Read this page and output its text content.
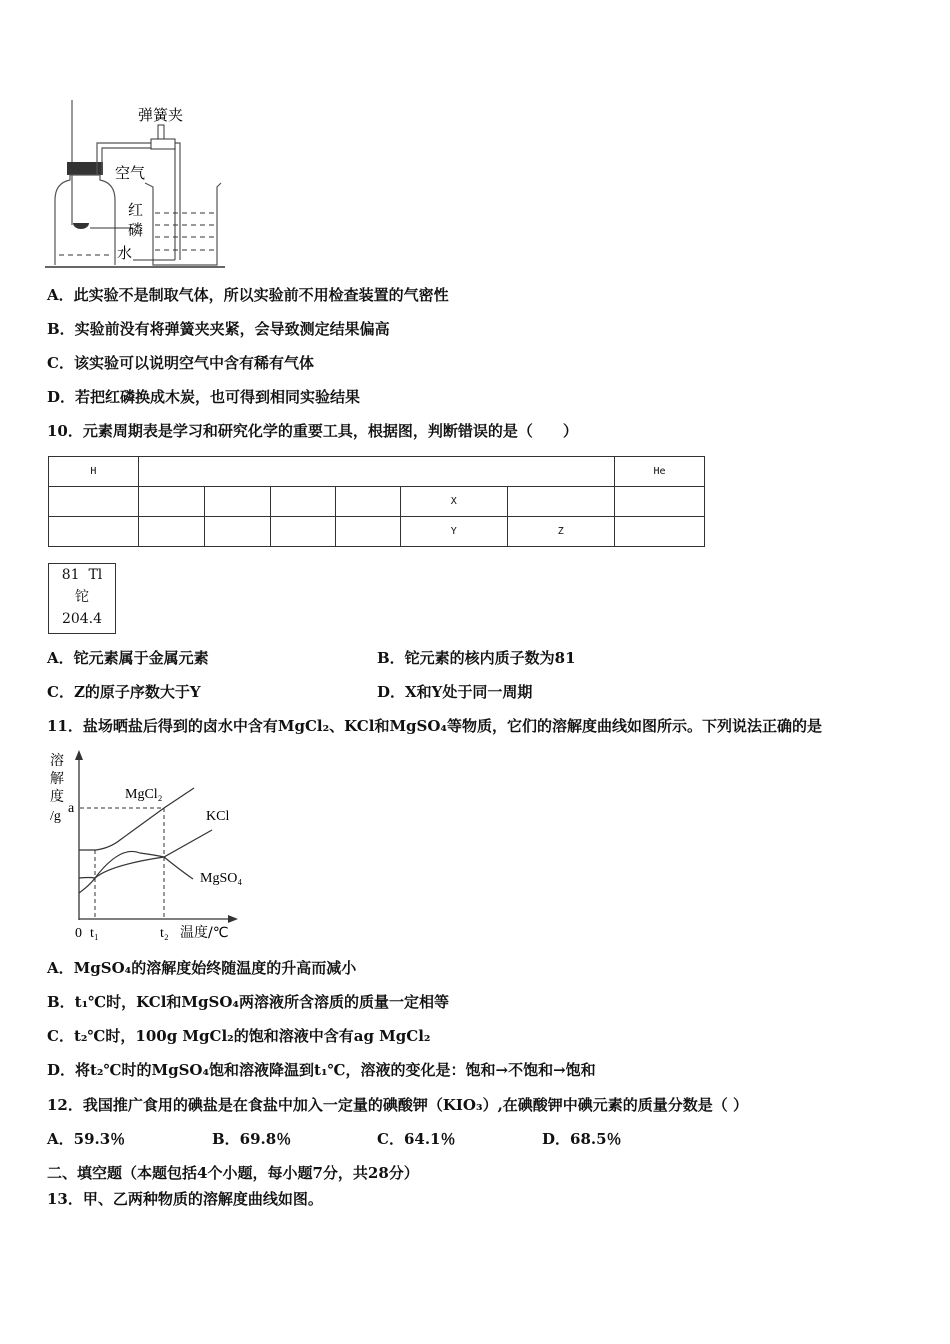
弹簧夹
空气
红
磷
水
A．此实验不是制取气体，所以实验前不用检查装置的气密性
B．实验前没有将弹簧夹夹紧，会导致测定结果偏高
C．该实验可以说明空气中含有稀有气体
D．若把红磷换成木炭，也可得到相同实验结果
10．元素周期表是学习和研究化学的重要工具，根据图，判断错误的是（　　）
H							He
					X		
					Y	Z	
81 Tl
铊
204.4
A．铊元素属于金属元素	B．铊元素的核内质子数为81
C．Z的原子序数大于Y	D．X和Y处于同一周期
11．盐场晒盐后得到的卤水中含有MgCl₂、KCl和MgSO₄等物质，它们的溶解度曲线如图所示。下列说法正确的是
溶
解
度
/g
a
0 t₁	t₂ 温度/℃
MgCl₂
KCl
MgSO₄
A．MgSO₄的溶解度始终随温度的升高而减小
B．t₁℃时，KCl和MgSO₄两溶液所含溶质的质量一定相等
C．t₂℃时，100g MgCl₂的饱和溶液中含有ag MgCl₂
D．将t₂℃时的MgSO₄饱和溶液降温到t₁℃，溶液的变化是：饱和→不饱和→饱和
12．我国推广食用的碘盐是在食盐中加入一定量的碘酸钾（KIO₃）,在碘酸钾中碘元素的质量分数是（ ）
A．59.3％	B．69.8％	C．64.1％	D．68.5％
二、填空题（本题包括4个小题，每小题7分，共28分）
13．甲、乙两种物质的溶解度曲线如图。
